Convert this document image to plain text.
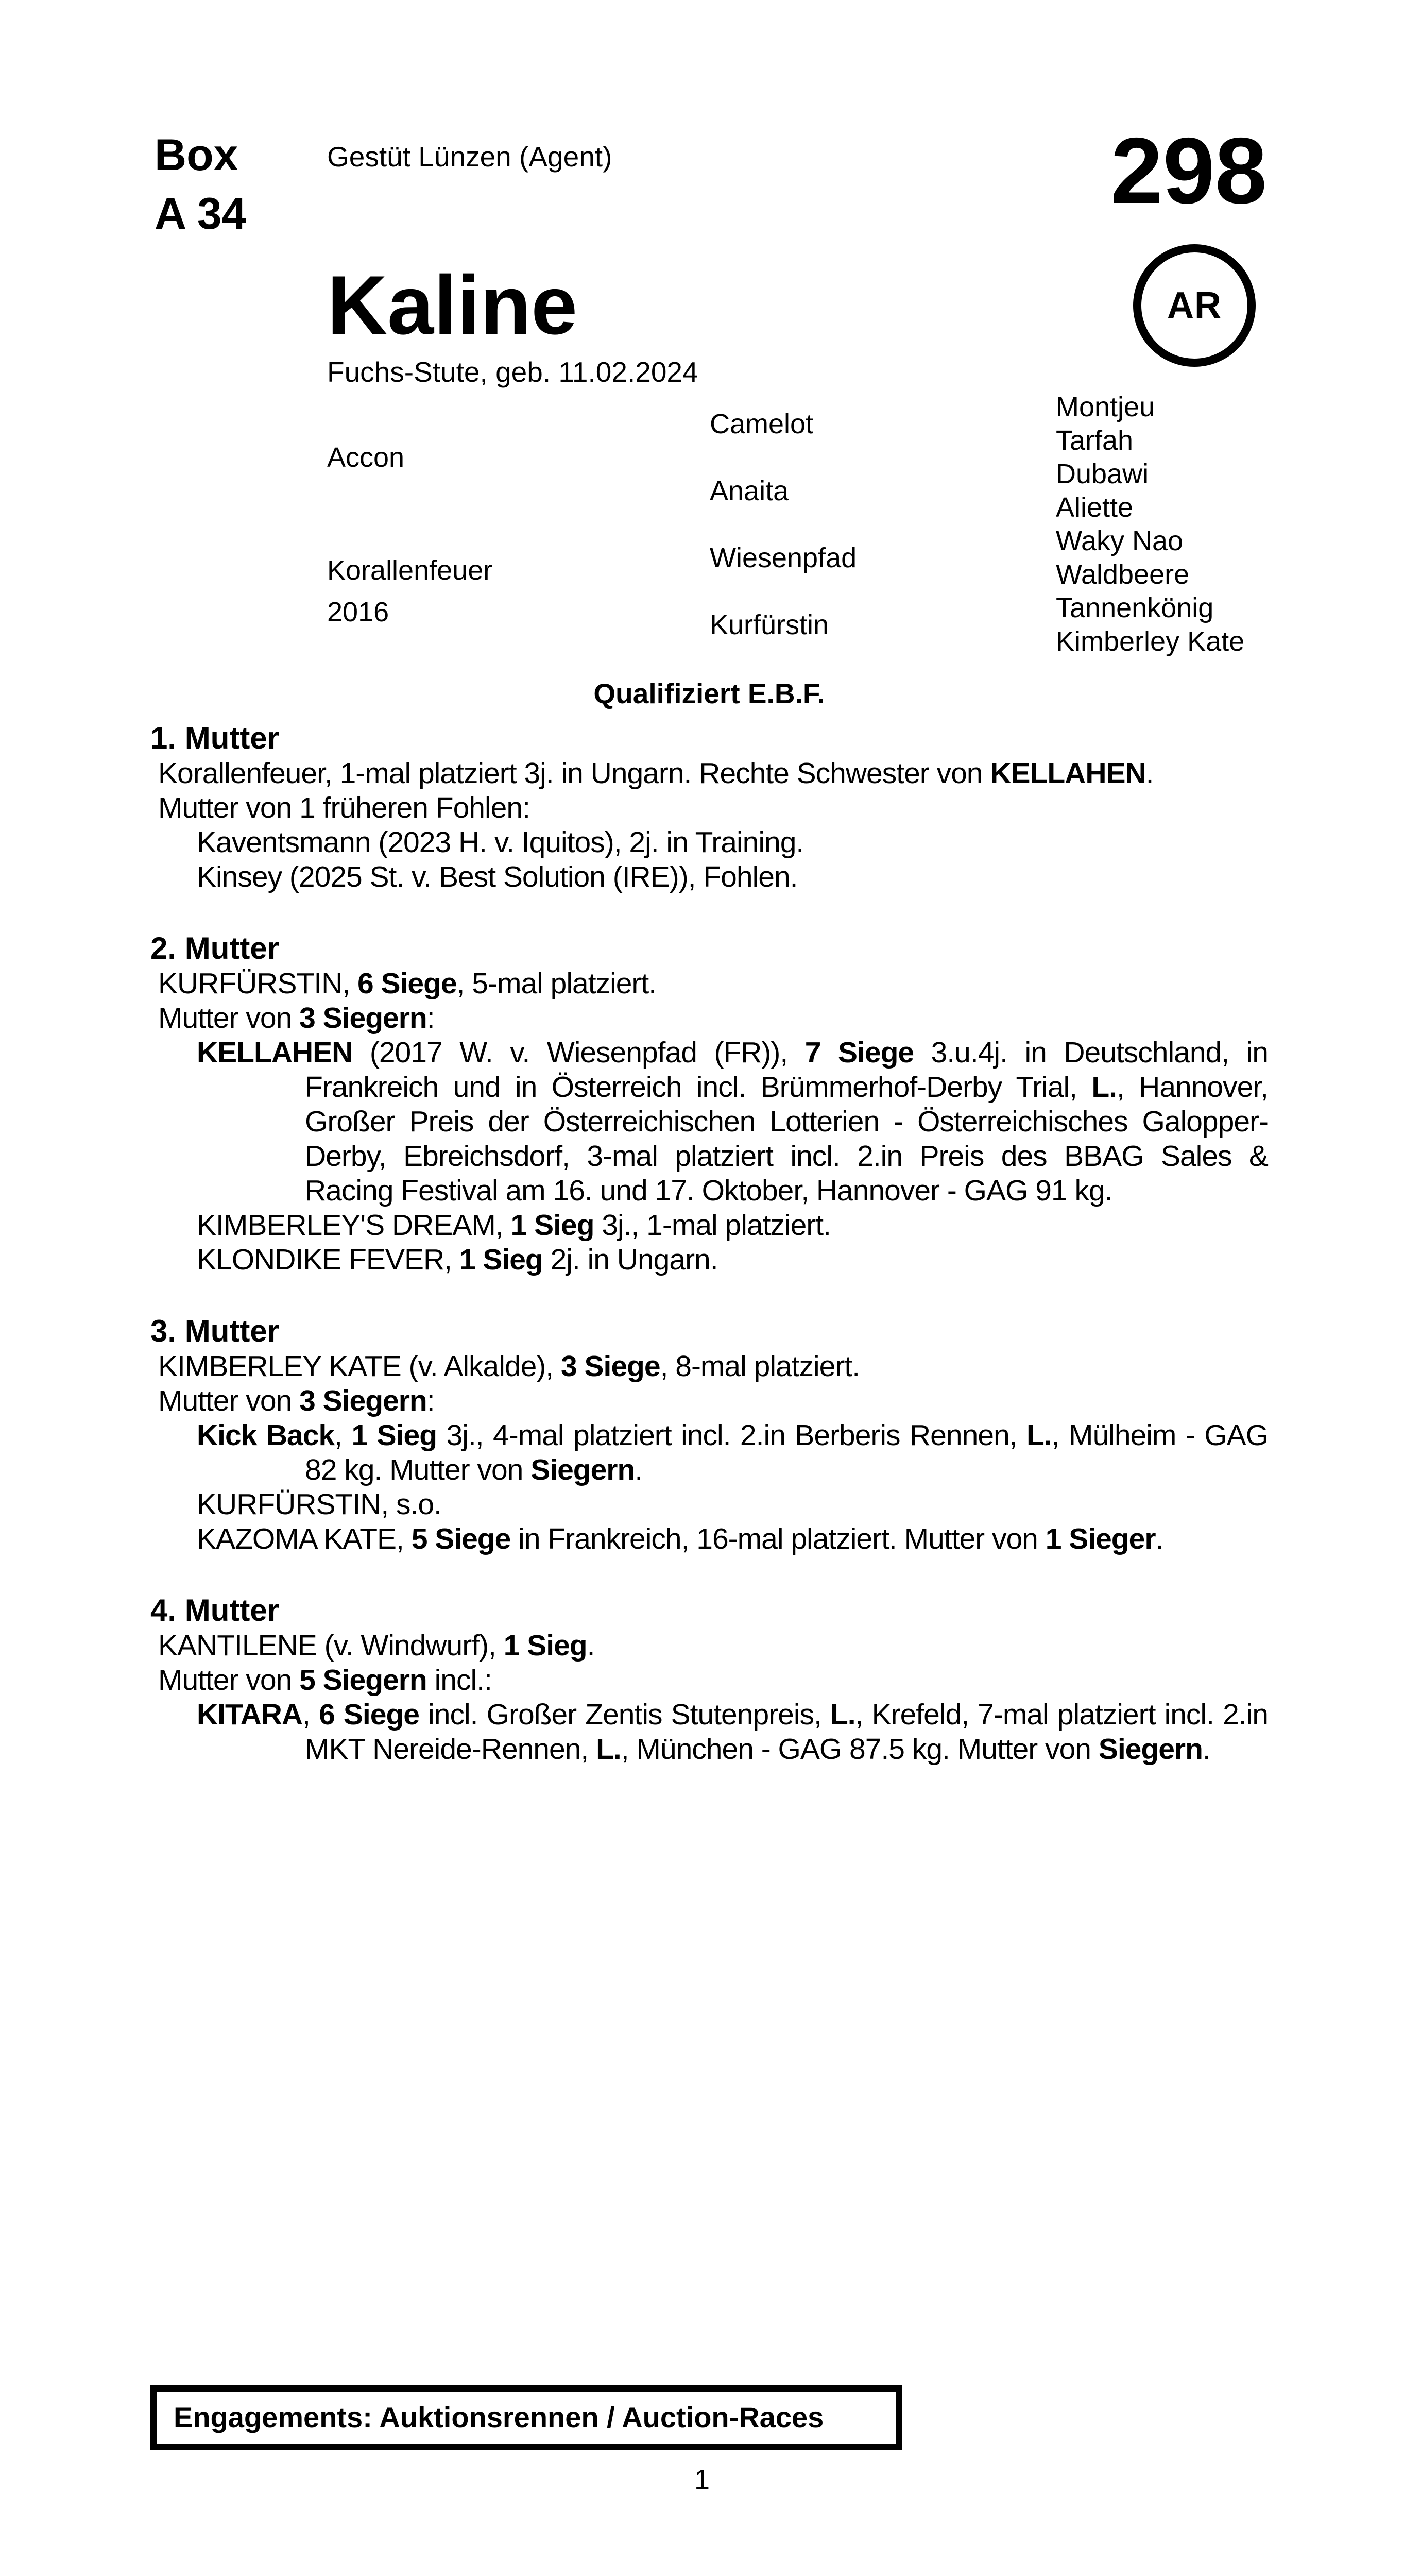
Box
A 34
Gestüt Lünzen (Agent)	298
Kaline	AR
Fuchs-Stute, geb. 11.02.2024
Accon
Korallenfeuer
2016
Camelot
Anaita
Wiesenpfad
Kurfürstin
Montjeu
Tarfah
Dubawi
Aliette
Waky Nao
Waldbeere
Tannenkönig
Kimberley Kate
Qualifiziert E.B.F.
1. Mutter
Korallenfeuer, 1-mal platziert 3j. in Ungarn. Rechte Schwester von KELLAHEN.
Mutter von 1 früheren Fohlen:
Kaventsmann (2023 H. v. Iquitos), 2j. in Training.
Kinsey (2025 St. v. Best Solution (IRE)), Fohlen.
2. Mutter
KURFÜRSTIN, 6 Siege, 5-mal platziert.
Mutter von 3 Siegern:
KELLAHEN (2017 W. v. Wiesenpfad (FR)), 7 Siege 3.u.4j. in Deutschland, in Frankreich und in Österreich incl. Brümmerhof-Derby Trial, L., Hannover, Großer Preis der Österreichischen Lotterien - Österreichisches Galopper-Derby, Ebreichsdorf, 3-mal platziert incl. 2.in Preis des BBAG Sales & Racing Festival am 16. und 17. Oktober, Hannover - GAG 91 kg.
KIMBERLEY'S DREAM, 1 Sieg 3j., 1-mal platziert.
KLONDIKE FEVER, 1 Sieg 2j. in Ungarn.
3. Mutter
KIMBERLEY KATE (v. Alkalde), 3 Siege, 8-mal platziert.
Mutter von 3 Siegern:
Kick Back, 1 Sieg 3j., 4-mal platziert incl. 2.in Berberis Rennen, L., Mülheim - GAG 82 kg. Mutter von Siegern.
KURFÜRSTIN, s.o.
KAZOMA KATE, 5 Siege in Frankreich, 16-mal platziert. Mutter von 1 Sieger.
4. Mutter
KANTILENE (v. Windwurf), 1 Sieg.
Mutter von 5 Siegern incl.:
KITARA, 6 Siege incl. Großer Zentis Stutenpreis, L., Krefeld, 7-mal platziert incl. 2.in MKT Nereide-Rennen, L., München - GAG 87.5 kg. Mutter von Siegern.
Engagements: Auktionsrennen / Auction-Races
1
